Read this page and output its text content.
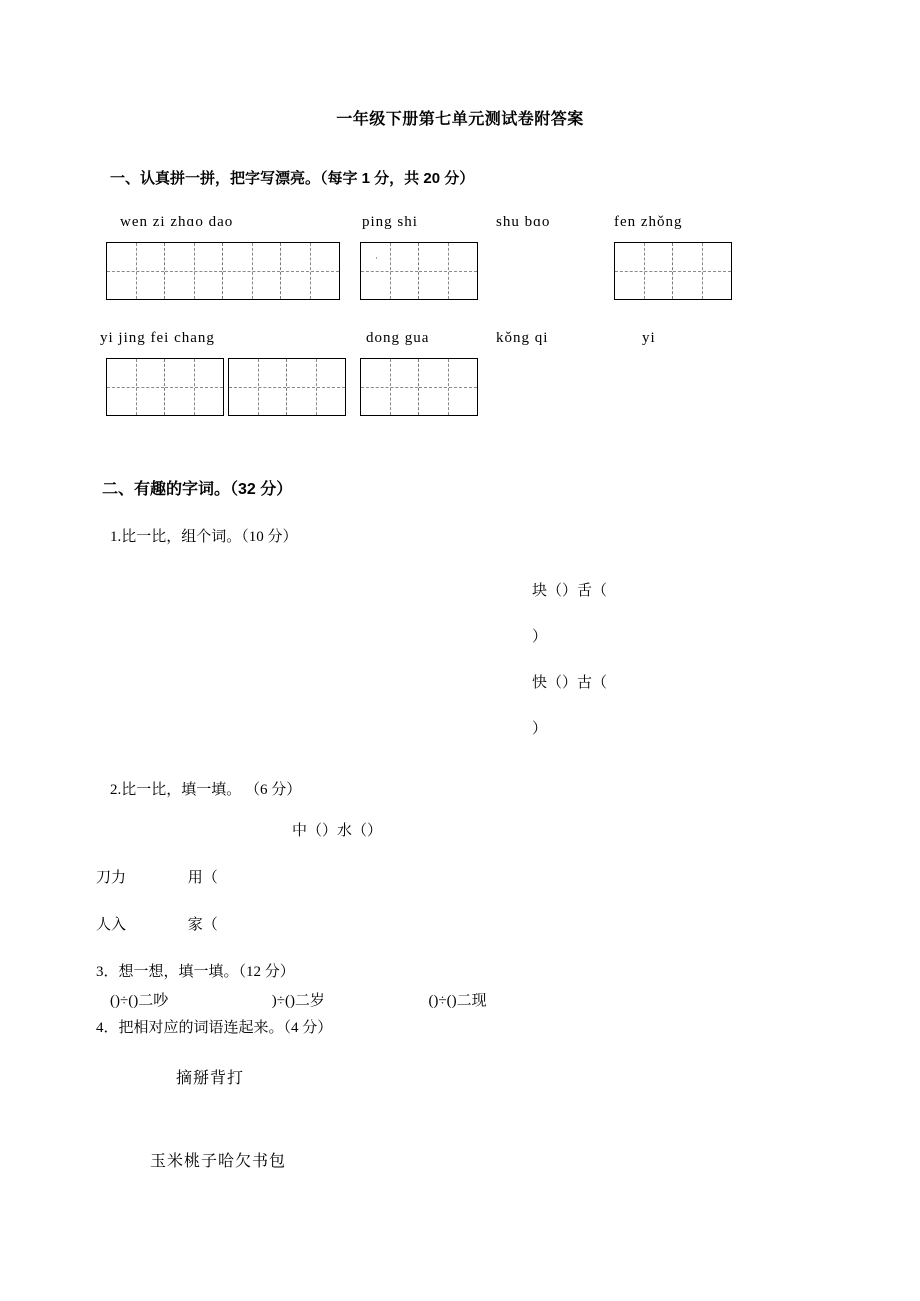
一年级下册第七单元测试卷附答案
一、认真拼一拼，把字写漂亮。（每字 1 分，共 20 分）
wen zi zhɑo dao	ping shi	shu bɑo	fen zhǒng
·
yi jing fei chang	dong gua	kǒng qi	yi
二、有趣的字词。（32 分）
1.比一比，组个词。（10 分）
块（）舌（
）
快（）古（
）
2.比一比，填一填。 （6 分）
中（）水（）
刀力	用（
人入	家（
3．想一想，填一填。（12 分）
()÷()二吵	)÷()二岁	()÷()二现
4．把相对应的词语连起来。（4 分）
摘掰背打
玉米桃子哈欠书包
